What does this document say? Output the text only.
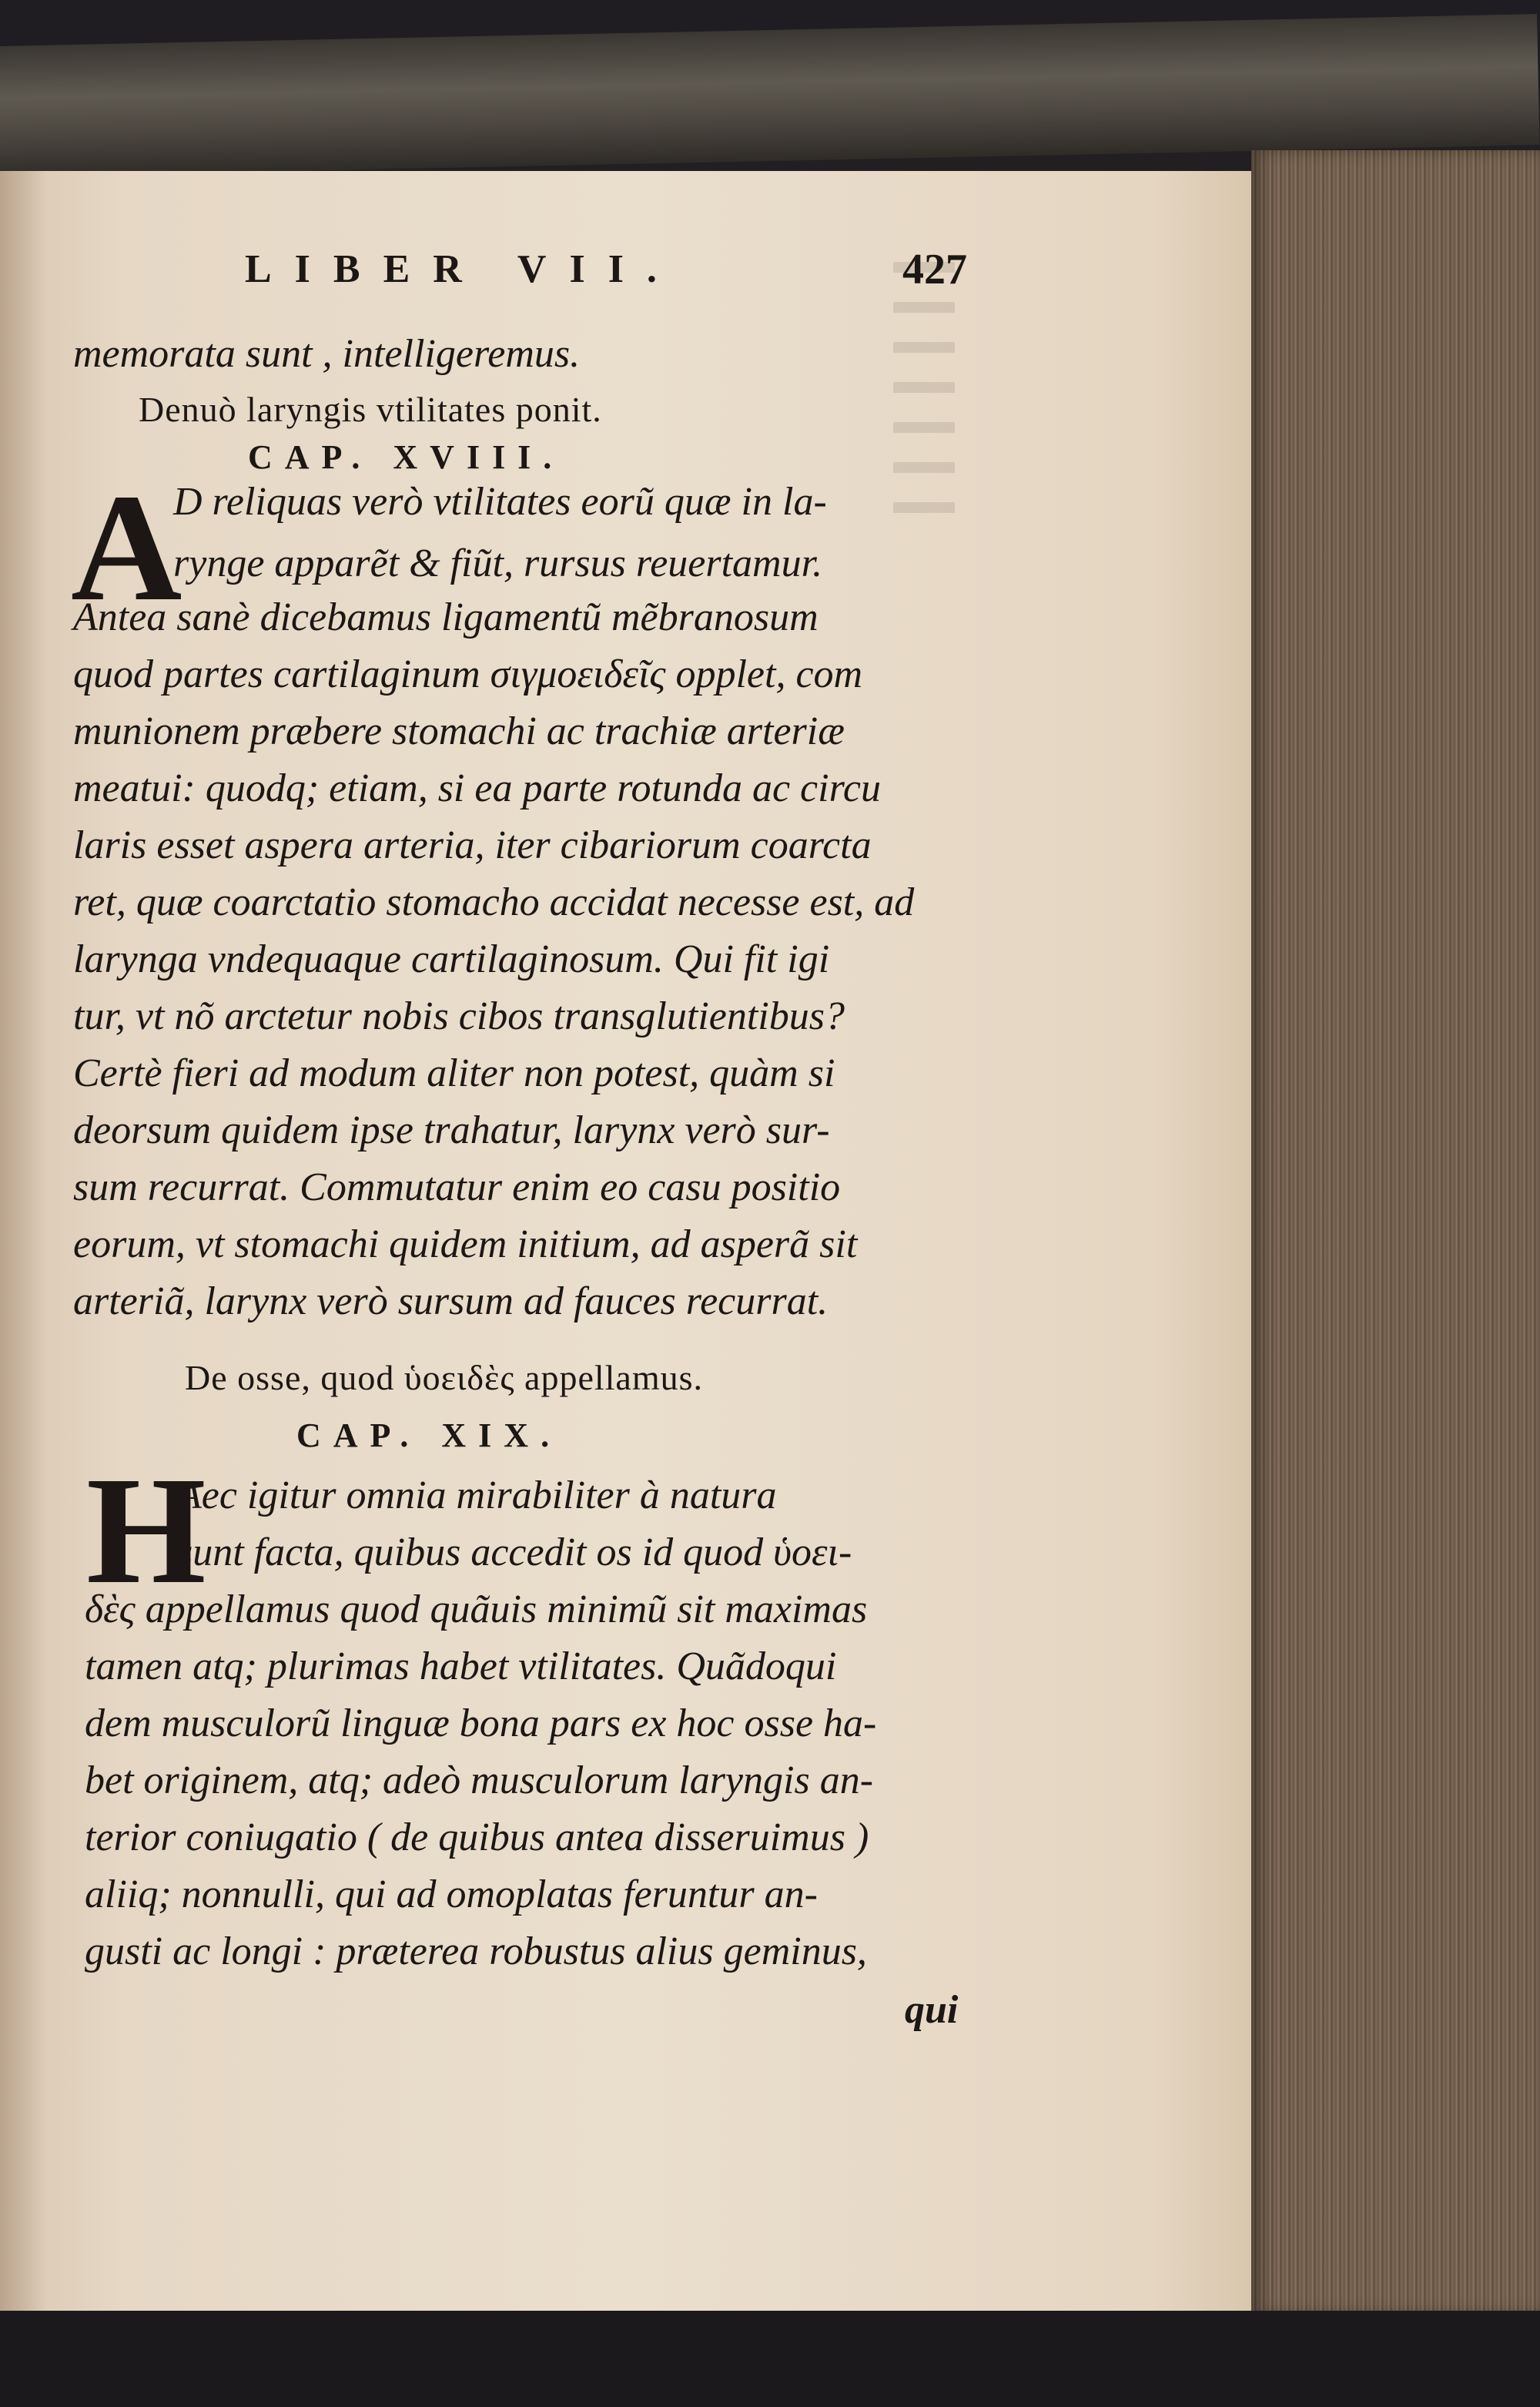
LIBER VII.	427
memorata sunt , intelligeremus.
Denuò laryngis vtilitates ponit.
CAP. XVIII.
A
D reliquas verò vtilitates eorũ quæ in la-
rynge apparẽt & fiũt, rursus reuertamur.
Antea sanè dicebamus ligamentũ mẽbranosum
quod partes cartilaginum σιγμοειδεῖς opplet, com
munionem præbere stomachi ac trachiæ arteriæ
meatui: quodq; etiam, si ea parte rotunda ac circu
laris esset aspera arteria, iter cibariorum coarcta
ret, quæ coarctatio stomacho accidat necesse est, ad
larynga vndequaque cartilaginosum. Qui fit igi
tur, vt nõ arctetur nobis cibos transglutientibus?
Certè fieri ad modum aliter non potest, quàm si
deorsum quidem ipse trahatur, larynx verò sur-
sum recurrat. Commutatur enim eo casu positio
eorum, vt stomachi quidem initium, ad asperã sit
arteriã, larynx verò sursum ad fauces recurrat.
De osse, quod ὑοειδὲς appellamus.
CAP. XIX.
H
Aec igitur omnia mirabiliter à natura
sunt facta, quibus accedit os id quod ὑοει-
δὲς appellamus quod quãuis minimũ sit maximas
tamen atq; plurimas habet vtilitates. Quãdoqui
dem musculorũ linguæ bona pars ex hoc osse ha-
bet originem, atq; adeò musculorum laryngis an-
terior coniugatio ( de quibus antea disseruimus )
aliiq; nonnulli, qui ad omoplatas feruntur an-
gusti ac longi : præterea robustus alius geminus,
qui
